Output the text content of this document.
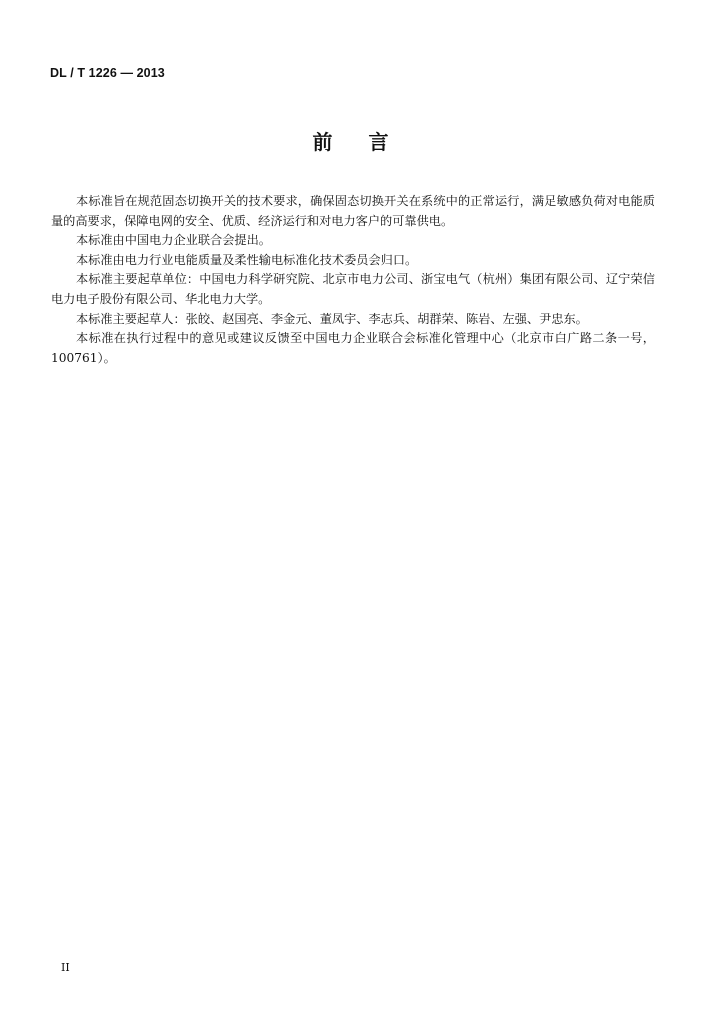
DL / T 1226 — 2013
前 言

本标准旨在规范固态切换开关的技术要求，确保固态切换开关在系统中的正常运行，满足敏感负荷对电能质量的高要求，保障电网的安全、优质、经济运行和对电力客户的可靠供电。

本标准由中国电力企业联合会提出。

本标准由电力行业电能质量及柔性输电标准化技术委员会归口。

本标准主要起草单位：中国电力科学研究院、北京市电力公司、浙宝电气（杭州）集团有限公司、辽宁荣信电力电子股份有限公司、华北电力大学。

本标准主要起草人：张皎、赵国亮、李金元、董凤宇、李志兵、胡群荣、陈岩、左强、尹忠东。

本标准在执行过程中的意见或建议反馈至中国电力企业联合会标准化管理中心（北京市白广路二条一号，100761）。

II
